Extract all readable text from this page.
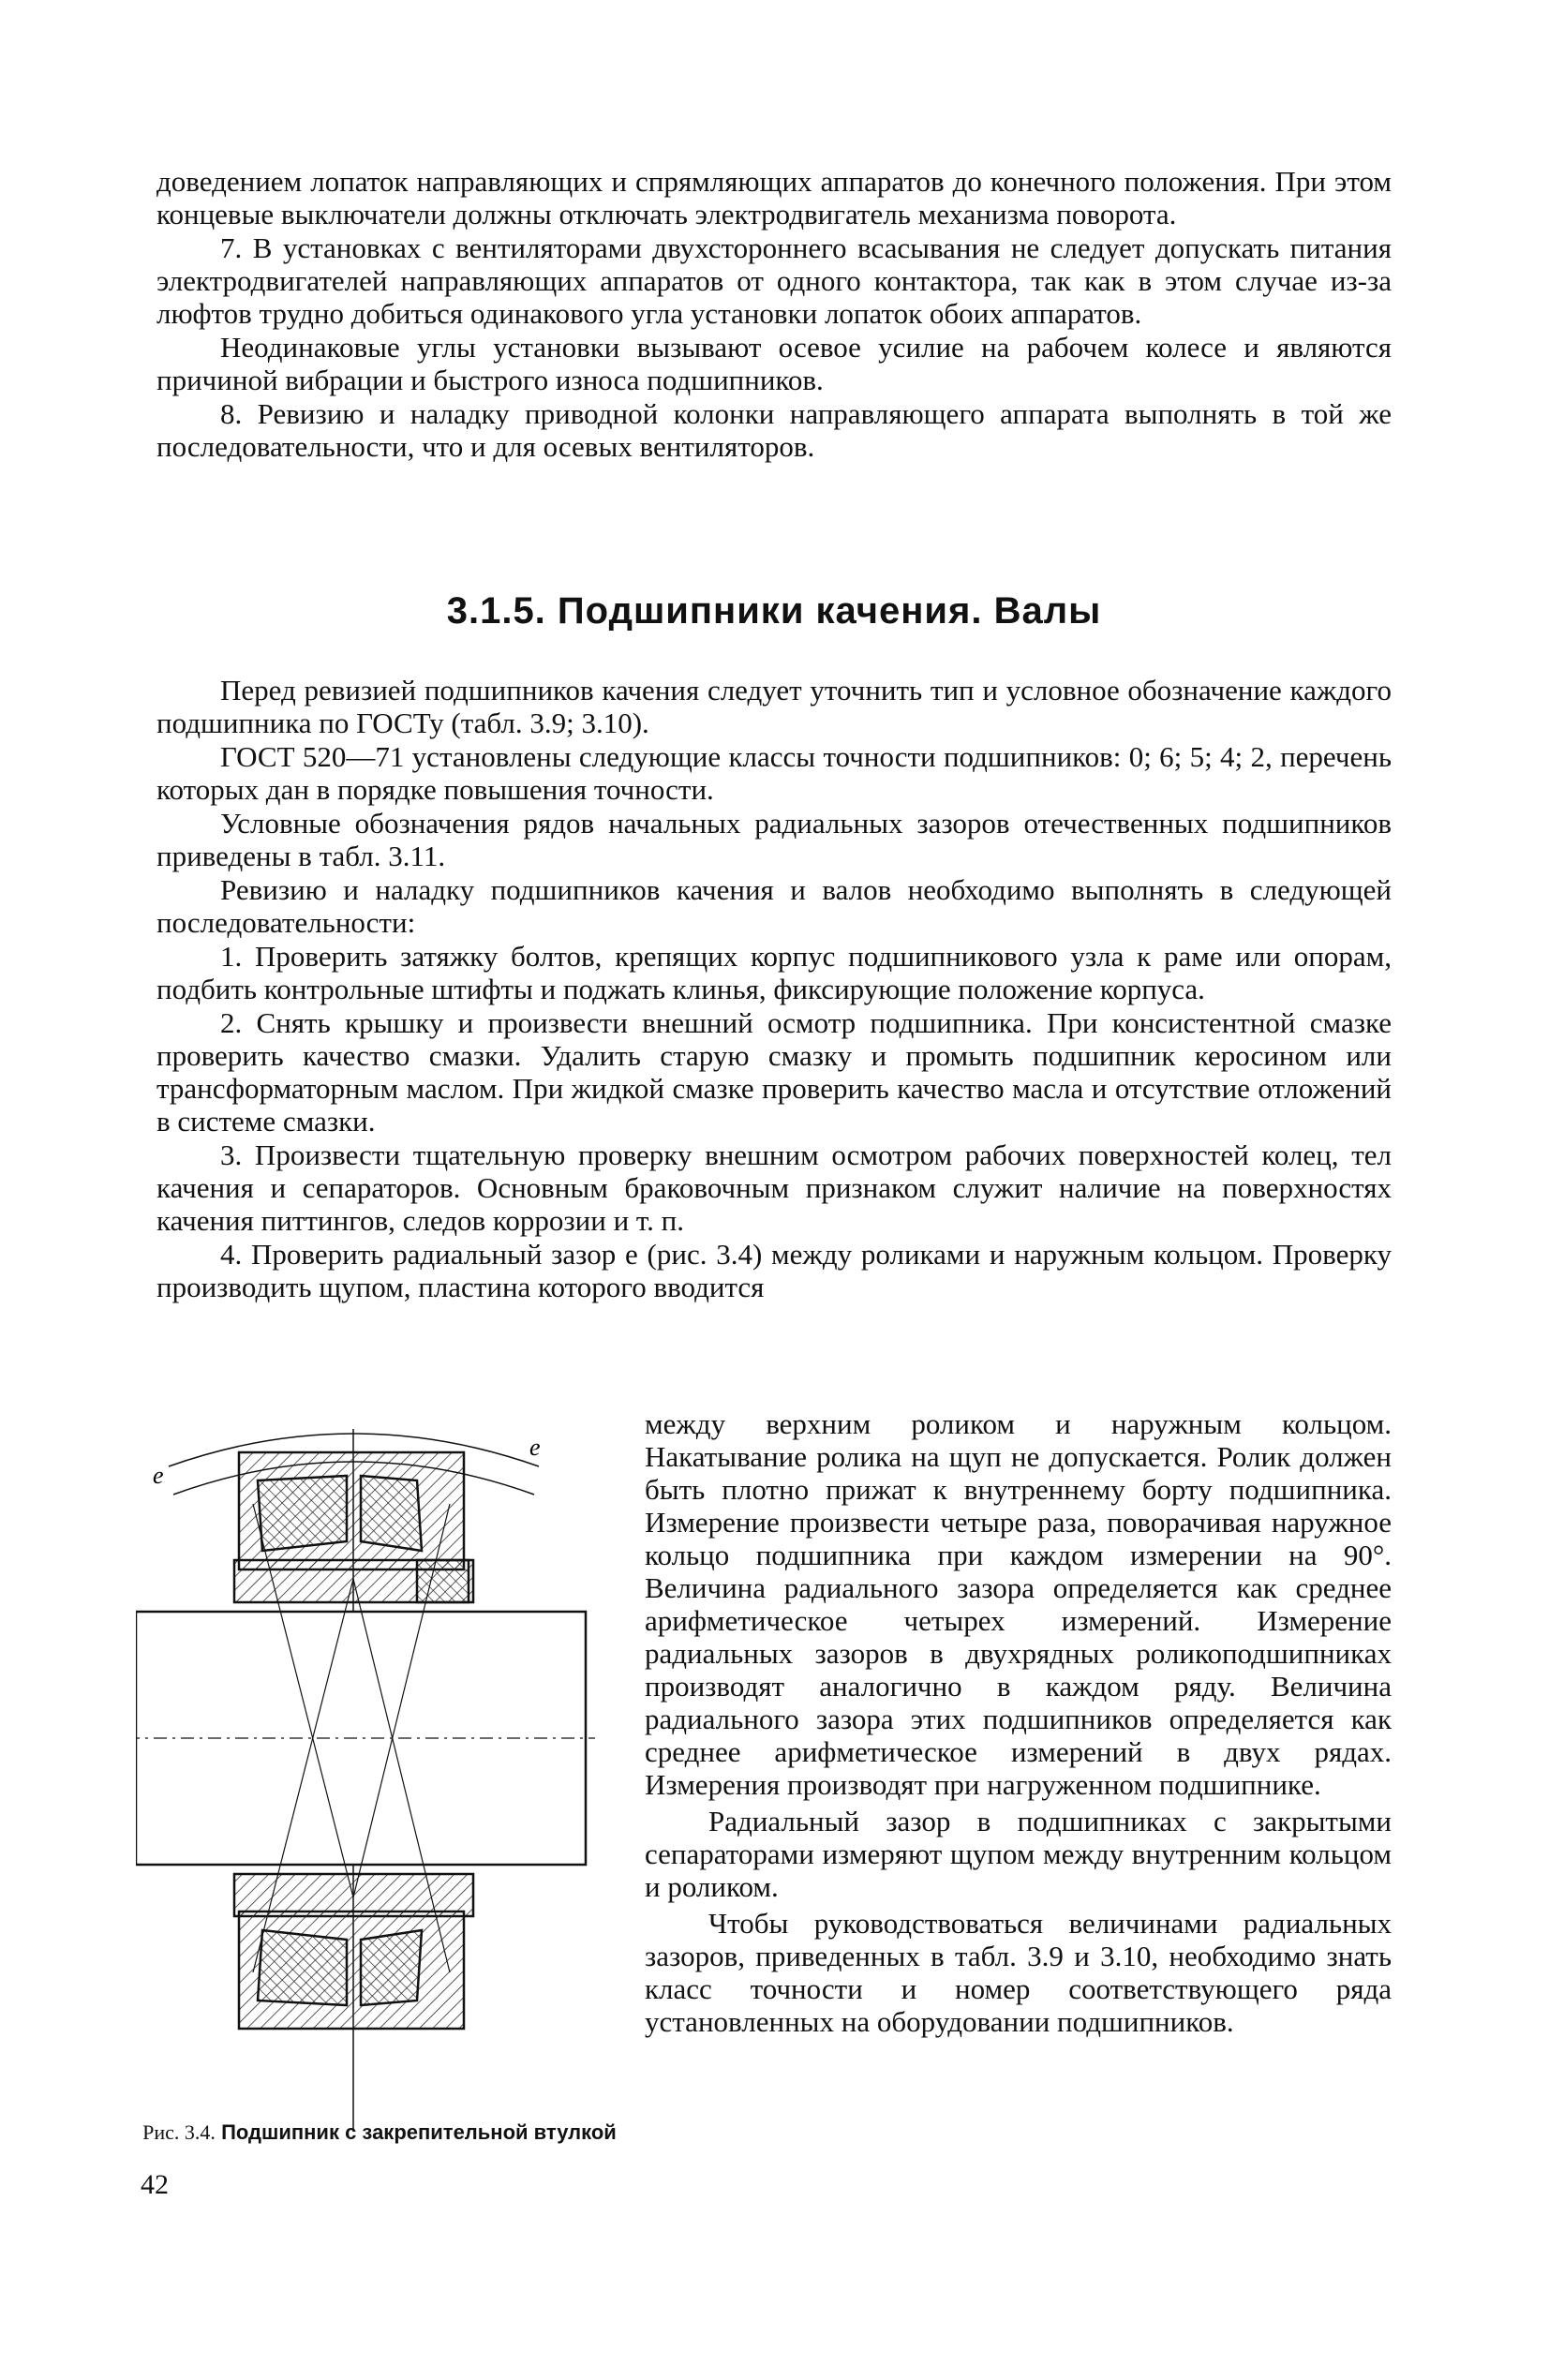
доведением лопаток направляющих и спрямляющих аппаратов до конечного положения. При этом концевые выключатели должны отключать электродвигатель механизма поворота.

7. В установках с вентиляторами двухстороннего всасывания не следует допускать питания электродвигателей направляющих аппаратов от одного контактора, так как в этом случае из-за люфтов трудно добиться одинакового угла установки лопаток обоих аппаратов.

Неодинаковые углы установки вызывают осевое усилие на рабочем колесе и являются причиной вибрации и быстрого износа подшипников.

8. Ревизию и наладку приводной колонки направляющего аппарата выполнять в той же последовательности, что и для осевых вентиляторов.

3.1.5. Подшипники качения. Валы

Перед ревизией подшипников качения следует уточнить тип и условное обозначение каждого подшипника по ГОСТу (табл. 3.9; 3.10).

ГОСТ 520—71 установлены следующие классы точности подшипников: 0; 6; 5; 4; 2, перечень которых дан в порядке повышения точности.

Условные обозначения рядов начальных радиальных зазоров отечественных подшипников приведены в табл. 3.11.

Ревизию и наладку подшипников качения и валов необходимо выполнять в следующей последовательности:

1. Проверить затяжку болтов, крепящих корпус подшипникового узла к раме или опорам, подбить контрольные штифты и поджать клинья, фиксирующие положение корпуса.

2. Снять крышку и произвести внешний осмотр подшипника. При консистентной смазке проверить качество смазки. Удалить старую смазку и промыть подшипник керосином или трансформаторным маслом. При жидкой смазке проверить качество масла и отсутствие отложений в системе смазки.

3. Произвести тщательную проверку внешним осмотром рабочих поверхностей колец, тел качения и сепараторов. Основным браковочным признаком служит наличие на поверхностях качения питтингов, следов коррозии и т. п.

4. Проверить радиальный зазор е (рис. 3.4) между роликами и наружным кольцом. Проверку производить щупом, пластина которого вводится

между верхним роликом и наружным кольцом. Накатывание ролика на щуп не допускается. Ролик должен быть плотно прижат к внутреннему борту подшипника. Измерение произвести четыре раза, поворачивая наружное кольцо подшипника при каждом измерении на 90°. Величина радиального зазора определяется как среднее арифметическое четырех измерений. Измерение радиальных зазоров в двухрядных роликоподшипниках производят аналогично в каждом ряду. Величина радиального зазора этих подшипников определяется как среднее арифметическое измерений в двух рядах. Измерения производят при нагруженном подшипнике.

Радиальный зазор в подшипниках с закрытыми сепараторами измеряют щупом между внутренним кольцом и роликом.

Чтобы руководствоваться величинами радиальных зазоров, приведенных в табл. 3.9 и 3.10, необходимо знать класс точности и номер соответствующего ряда установленных на оборудовании подшипников.

e
e
Рис. 3.4. Подшипник с закрепительной втулкой
42
